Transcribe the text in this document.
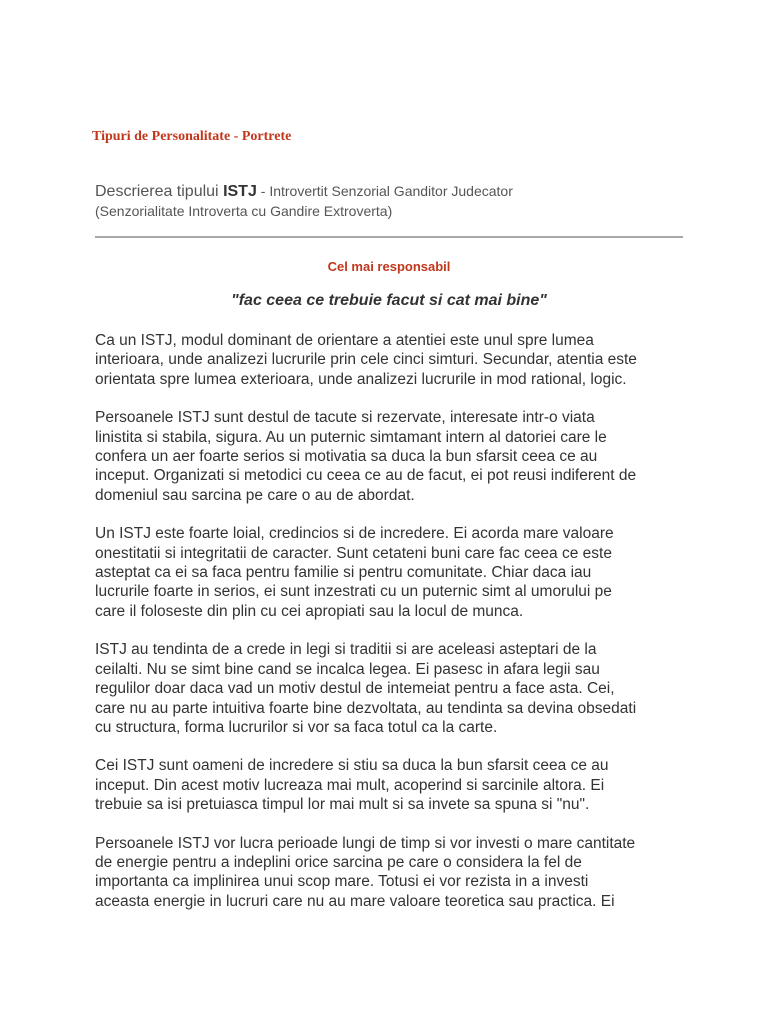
Tipuri de Personalitate - Portrete
Descrierea tipului ISTJ - Introvertit Senzorial Ganditor Judecator
(Senzorialitate Introverta cu Gandire Extroverta)
Cel mai responsabil
"fac ceea ce trebuie facut si cat mai bine"

Ca un ISTJ, modul dominant de orientare a atentiei este unul spre lumea
interioara, unde analizezi lucrurile prin cele cinci simturi. Secundar, atentia este
orientata spre lumea exterioara, unde analizezi lucrurile in mod rational, logic.

Persoanele ISTJ sunt destul de tacute si rezervate, interesate intr-o viata
linistita si stabila, sigura. Au un puternic simtamant intern al datoriei care le
confera un aer foarte serios si motivatia sa duca la bun sfarsit ceea ce au
inceput. Organizati si metodici cu ceea ce au de facut, ei pot reusi indiferent de
domeniul sau sarcina pe care o au de abordat.

Un ISTJ este foarte loial, credincios si de incredere. Ei acorda mare valoare
onestitatii si integritatii de caracter. Sunt cetateni buni care fac ceea ce este
asteptat ca ei sa faca pentru familie si pentru comunitate. Chiar daca iau
lucrurile foarte in serios, ei sunt inzestrati cu un puternic simt al umorului pe
care il foloseste din plin cu cei apropiati sau la locul de munca.

ISTJ au tendinta de a crede in legi si traditii si are aceleasi asteptari de la
ceilalti. Nu se simt bine cand se incalca legea. Ei pasesc in afara legii sau
regulilor doar daca vad un motiv destul de intemeiat pentru a face asta. Cei,
care nu au parte intuitiva foarte bine dezvoltata, au tendinta sa devina obsedati
cu structura, forma lucrurilor si vor sa faca totul ca la carte.

Cei ISTJ sunt oameni de incredere si stiu sa duca la bun sfarsit ceea ce au
inceput. Din acest motiv lucreaza mai mult, acoperind si sarcinile altora. Ei
trebuie sa isi pretuiasca timpul lor mai mult si sa invete sa spuna si "nu".

Persoanele ISTJ vor lucra perioade lungi de timp si vor investi o mare cantitate
de energie pentru a indeplini orice sarcina pe care o considera la fel de
importanta ca implinirea unui scop mare. Totusi ei vor rezista in a investi
aceasta energie in lucruri care nu au mare valoare teoretica sau practica. Ei
